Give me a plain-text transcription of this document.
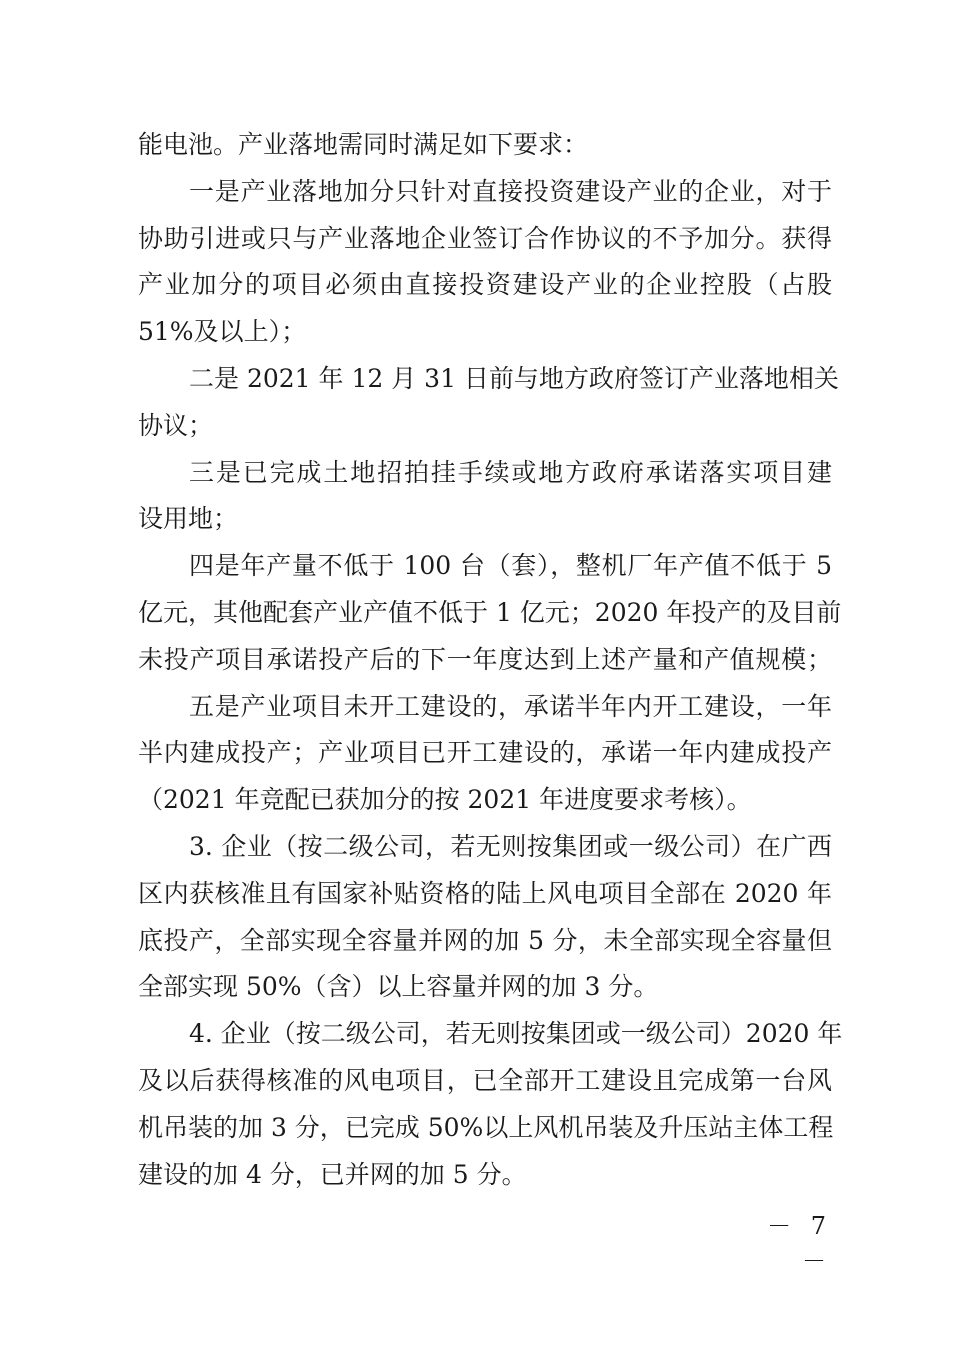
能电池。产业落地需同时满足如下要求：
一是产业落地加分只针对直接投资建设产业的企业，对于
协助引进或只与产业落地企业签订合作协议的不予加分。获得
产业加分的项目必须由直接投资建设产业的企业控股（占股
51%及以上）；
二是 2021 年 12 月 31 日前与地方政府签订产业落地相关
协议；
三是已完成土地招拍挂手续或地方政府承诺落实项目建
设用地；
四是年产量不低于 100 台（套），整机厂年产值不低于 5
亿元，其他配套产业产值不低于 1 亿元；2020 年投产的及目前
未投产项目承诺投产后的下一年度达到上述产量和产值规模；
五是产业项目未开工建设的，承诺半年内开工建设，一年
半内建成投产；产业项目已开工建设的，承诺一年内建成投产
（2021 年竞配已获加分的按 2021 年进度要求考核）。
3. 企业（按二级公司，若无则按集团或一级公司）在广西
区内获核准且有国家补贴资格的陆上风电项目全部在 2020 年
底投产，全部实现全容量并网的加 5 分，未全部实现全容量但
全部实现 50%（含）以上容量并网的加 3 分。
4. 企业（按二级公司，若无则按集团或一级公司）2020 年
及以后获得核准的风电项目，已全部开工建设且完成第一台风
机吊装的加 3 分，已完成 50%以上风机吊装及升压站主体工程
建设的加 4 分，已并网的加 5 分。
－ 7 －
